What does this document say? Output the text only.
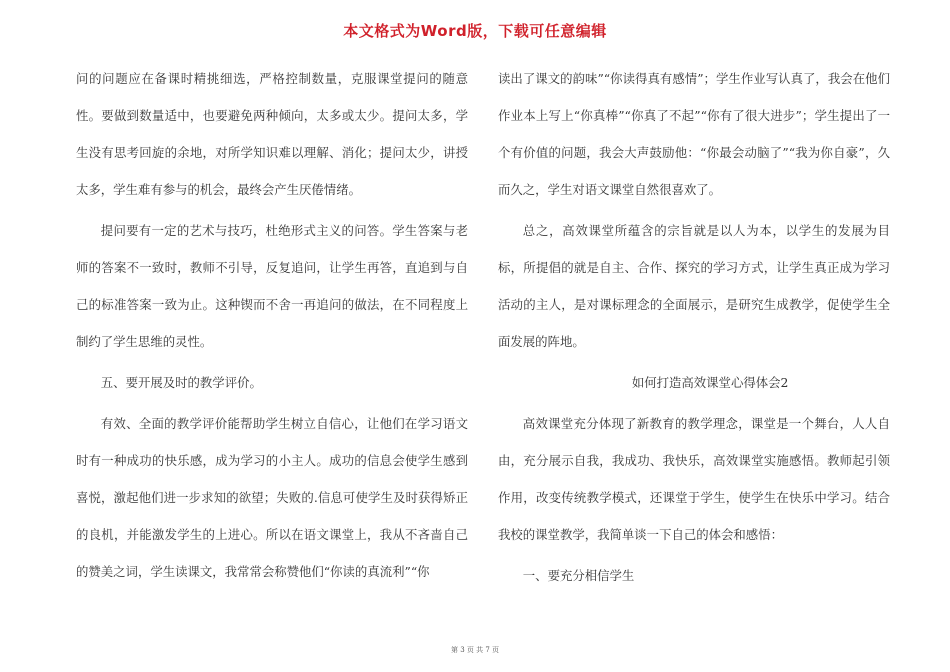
本文格式为Word版，下载可任意编辑

问的问题应在备课时精挑细选，严格控制数量，克服课堂提问的随意性。要做到数量适中，也要避免两种倾向，太多或太少。提问太多，学生没有思考回旋的余地，对所学知识难以理解、消化；提问太少，讲授太多，学生难有参与的机会，最终会产生厌倦情绪。

提问要有一定的艺术与技巧，杜绝形式主义的问答。学生答案与老师的答案不一致时，教师不引导，反复追问，让学生再答，直追到与自己的标准答案一致为止。这种锲而不舍一再追问的做法，在不同程度上制约了学生思维的灵性。

五、要开展及时的教学评价。

有效、全面的教学评价能帮助学生树立自信心，让他们在学习语文时有一种成功的快乐感，成为学习的小主人。成功的信息会使学生感到喜悦，激起他们进一步求知的欲望；失败的.信息可使学生及时获得矫正的良机，并能激发学生的上进心。所以在语文课堂上，我从不吝啬自己的赞美之词，学生读课文，我常常会称赞他们“你读的真流利”“你

读出了课文的韵味”“你读得真有感情”；学生作业写认真了，我会在他们作业本上写上“你真棒”“你真了不起”“你有了很大进步”；学生提出了一个有价值的问题，我会大声鼓励他：“你最会动脑了”“我为你自豪”，久而久之，学生对语文课堂自然很喜欢了。

总之，高效课堂所蕴含的宗旨就是以人为本，以学生的发展为目标，所提倡的就是自主、合作、探究的学习方式，让学生真正成为学习活动的主人，是对课标理念的全面展示，是研究生成教学，促使学生全面发展的阵地。

如何打造高效课堂心得体会2

高效课堂充分体现了新教育的教学理念，课堂是一个舞台，人人自由，充分展示自我，我成功、我快乐，高效课堂实施感悟。教师起引领作用，改变传统教学模式，还课堂于学生，使学生在快乐中学习。结合我校的课堂教学，我简单谈一下自己的体会和感悟：

一、要充分相信学生

第 3 页 共 7 页
